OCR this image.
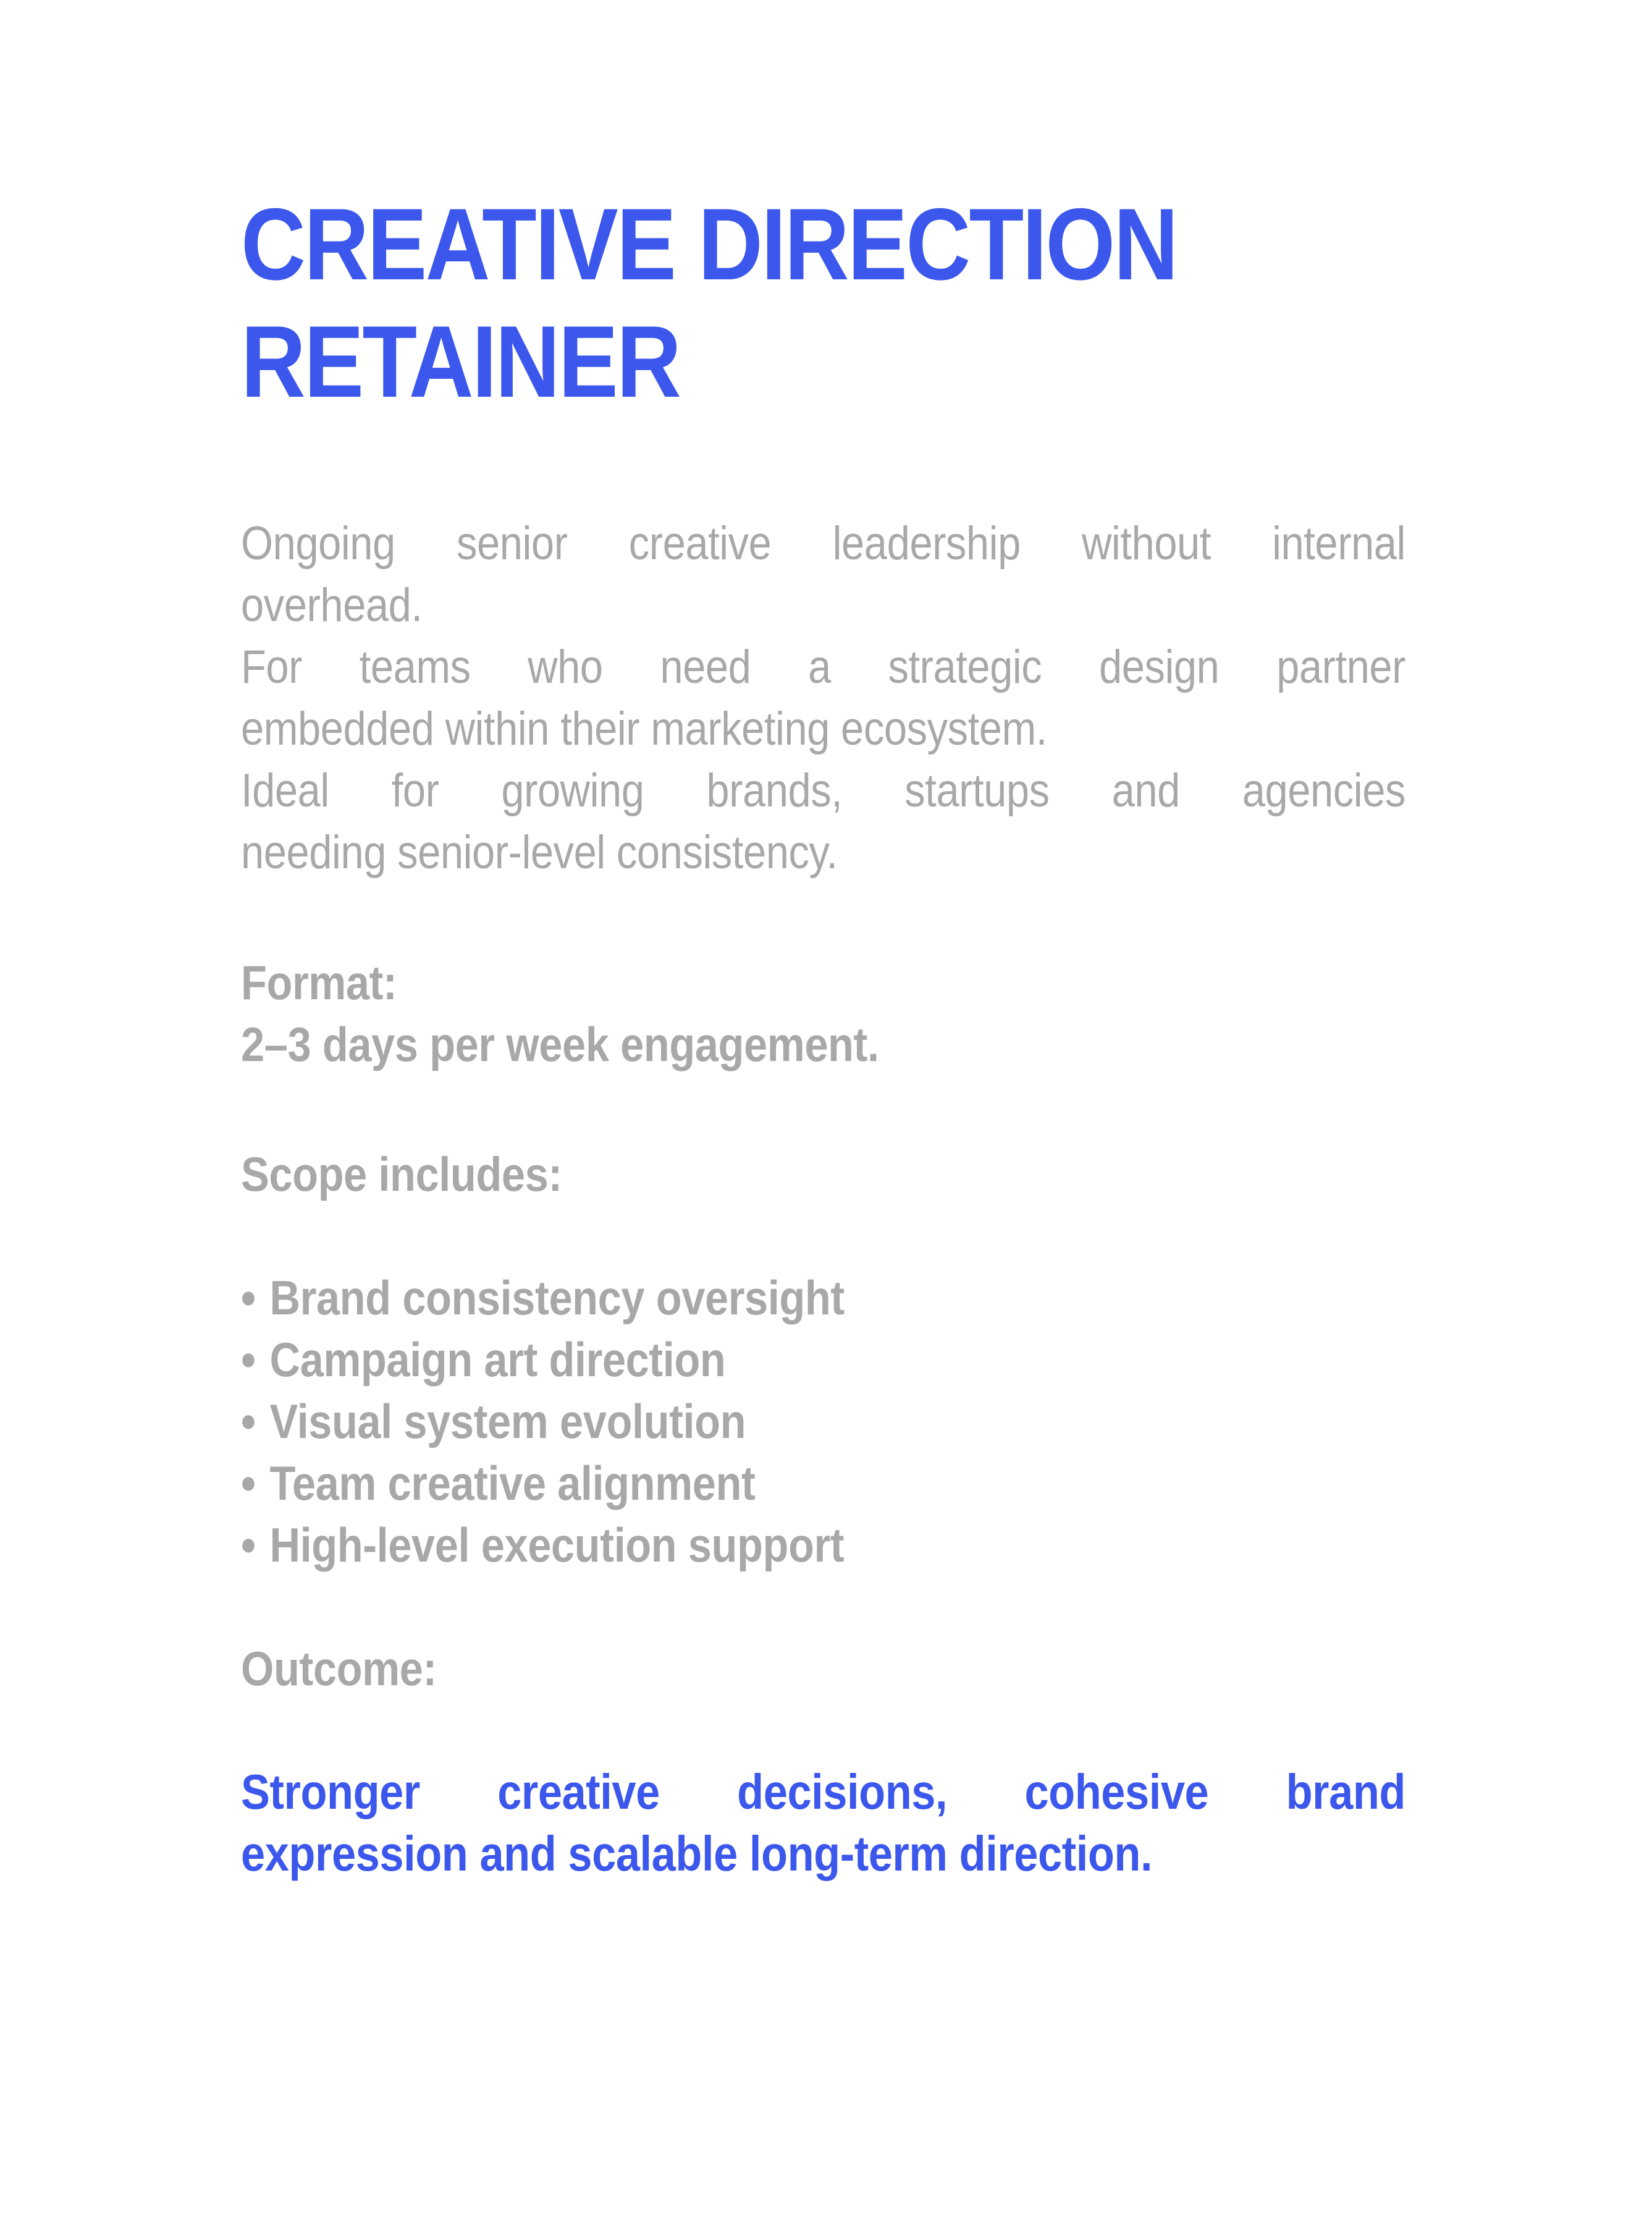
CREATIVE DIRECTION
RETAINER
Ongoing senior creative leadership without internal
overhead.
For teams who need a strategic design partner
embedded within their marketing ecosystem.
Ideal for growing brands, startups and agencies
needing senior-level consistency.
Format:
2–3 days per week engagement.
Scope includes:
• Brand consistency oversight
• Campaign art direction
• Visual system evolution
• Team creative alignment
• High-level execution support
Outcome:
Stronger creative decisions, cohesive brand
expression and scalable long-term direction.
